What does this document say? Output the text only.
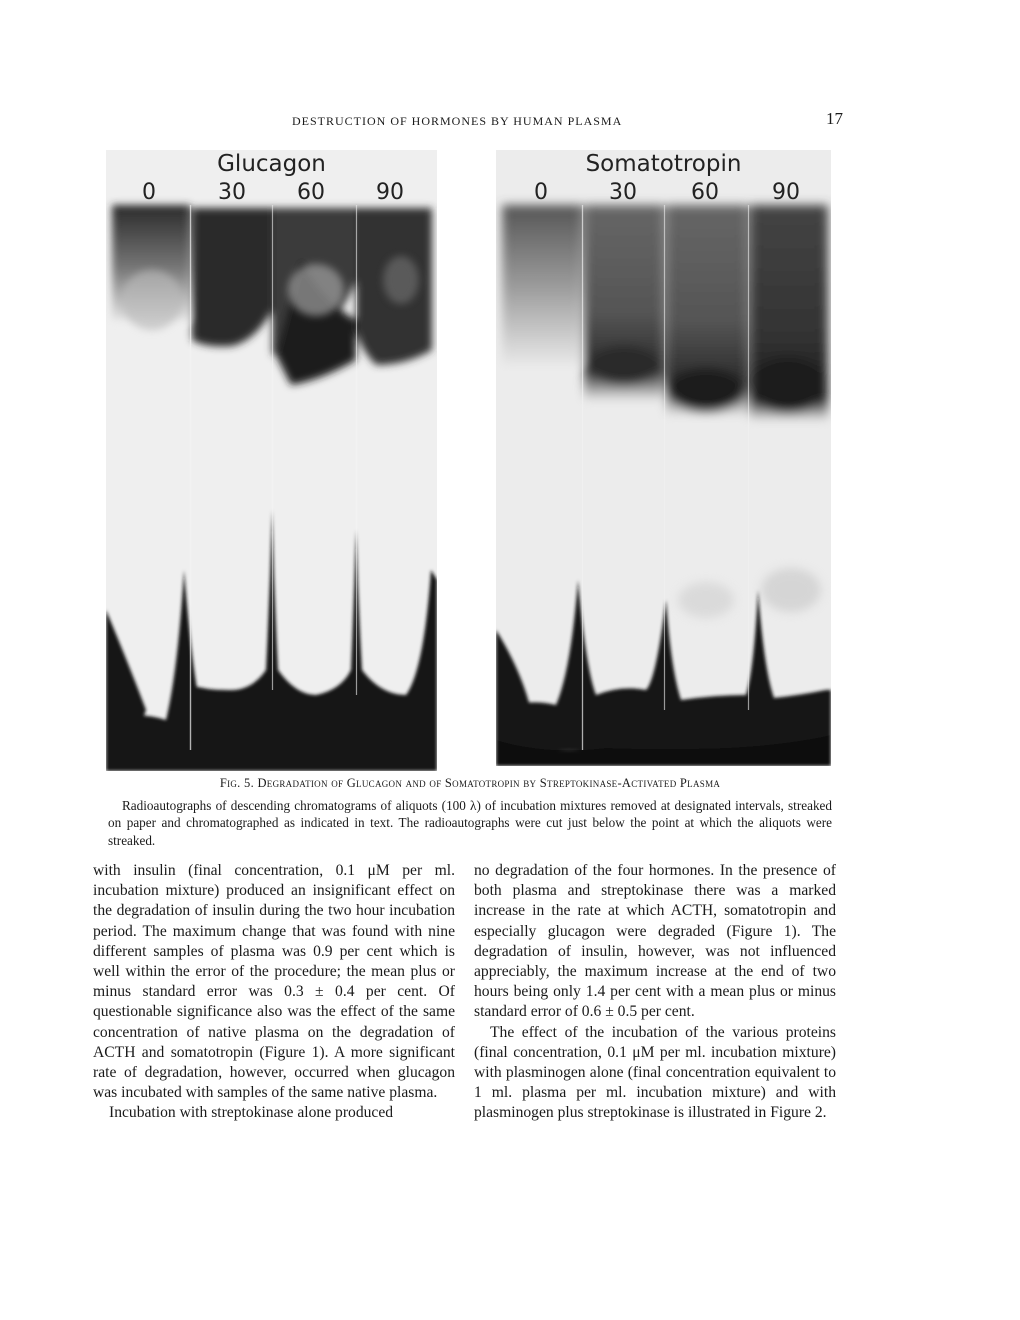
DESTRUCTION OF HORMONES BY HUMAN PLASMA	17
Glucagon
0	30 60 90
Somatotropin
0	30 60 90

Fig. 5. Degradation of Glucagon and of Somatotropin by Streptokinase-Activated Plasma

Radioautographs of descending chromatograms of aliquots (100 λ) of incubation mixtures removed at designated intervals, streaked on paper and chromatographed as indicated in text. The radioautographs were cut just below the point at which the aliquots were streaked.

with insulin (final concentration, 0.1 μM per ml. incubation mixture) produced an insignificant effect on the degradation of insulin during the two hour incubation period. The maximum change that was found with nine different samples of plasma was 0.9 per cent which is well within the error of the procedure; the mean plus or minus standard error was 0.3 ± 0.4 per cent. Of questionable significance also was the effect of the same concentration of native plasma on the degradation of ACTH and somatotropin (Figure 1). A more significant rate of degradation, however, occurred when glucagon was incubated with samples of the same native plasma.

Incubation with streptokinase alone produced

no degradation of the four hormones. In the presence of both plasma and streptokinase there was a marked increase in the rate at which ACTH, somatotropin and especially glucagon were degraded (Figure 1). The degradation of insulin, however, was not influenced appreciably, the maximum increase at the end of two hours being only 1.4 per cent with a mean plus or minus standard error of 0.6 ± 0.5 per cent.

The effect of the incubation of the various proteins (final concentration, 0.1 μM per ml. incubation mixture) with plasminogen alone (final concentration equivalent to 1 ml. plasma per ml. incubation mixture) and with plasminogen plus streptokinase is illustrated in Figure 2.
